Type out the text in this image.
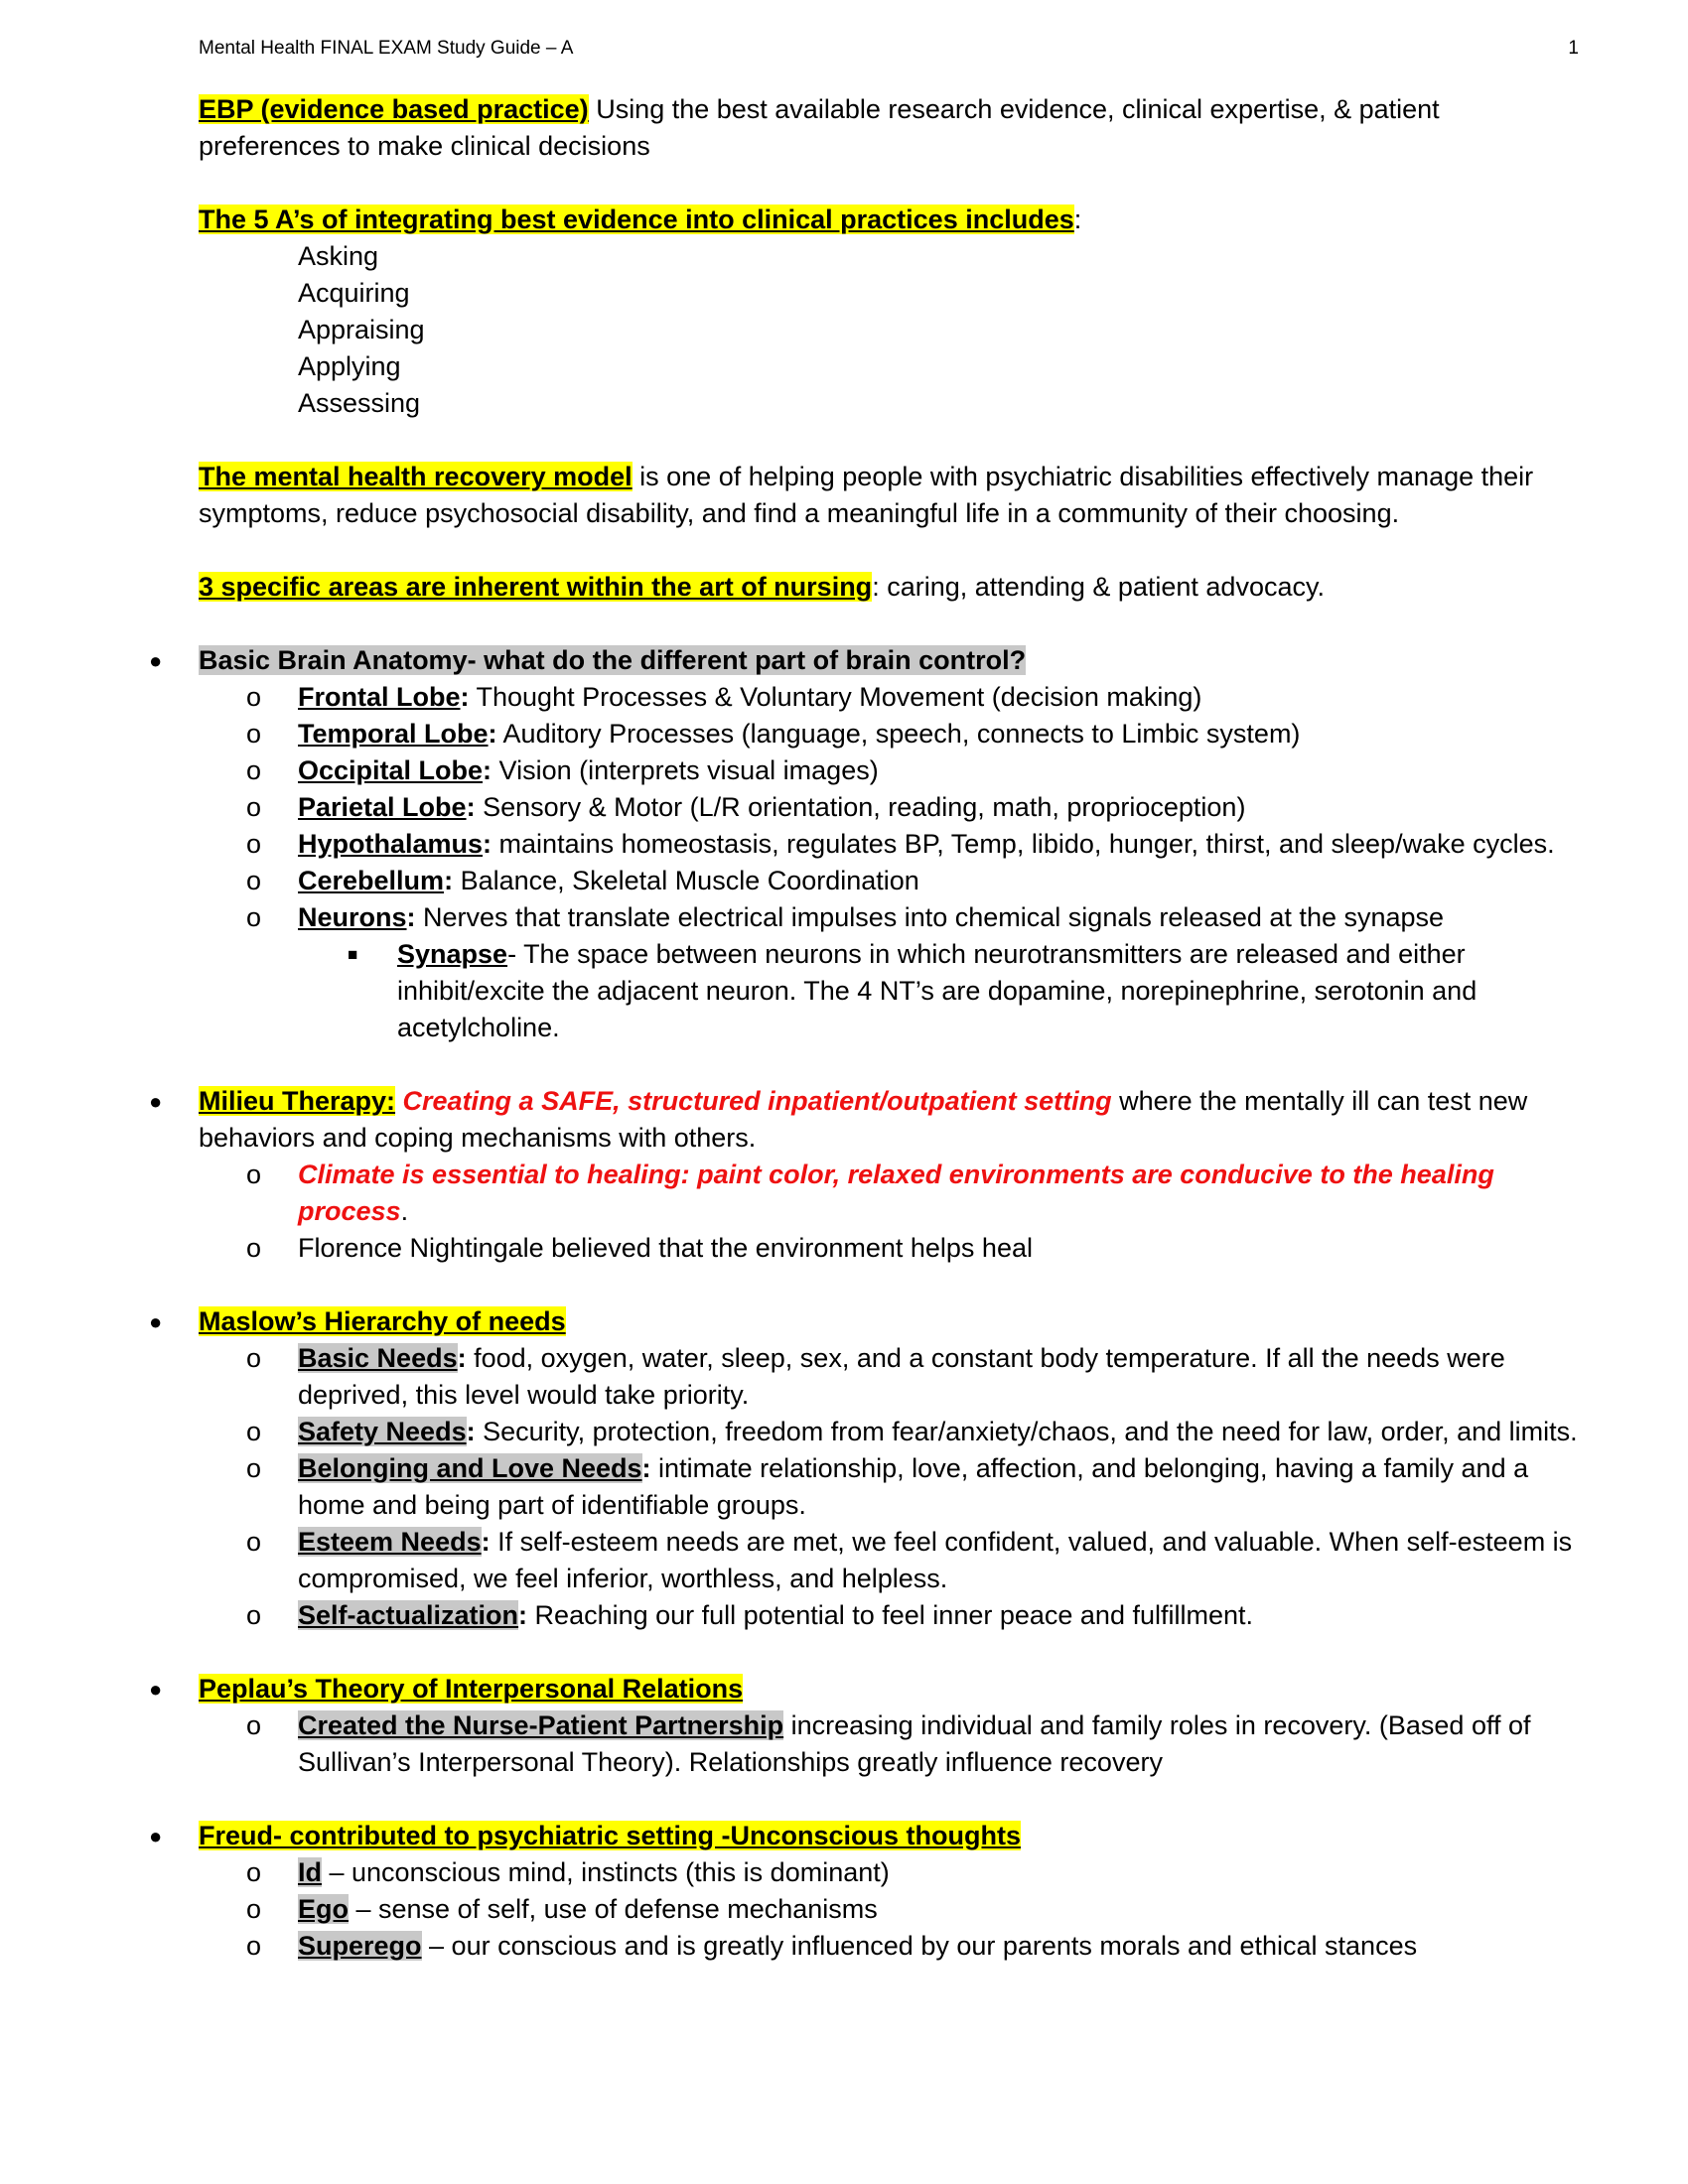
Mental Health FINAL EXAM Study Guide – A	1

EBP (evidence based practice) Using the best available research evidence, clinical expertise, & patient preferences to make clinical decisions

The 5 A’s of integrating best evidence into clinical practices includes:

Asking
Acquiring
Appraising
Applying
Assessing

The mental health recovery model is one of helping people with psychiatric disabilities effectively manage their symptoms, reduce psychosocial disability, and find a meaningful life in a community of their choosing.

3 specific areas are inherent within the art of nursing: caring, attending & patient advocacy.

● Basic Brain Anatomy- what do the different part of brain control?
o Frontal Lobe: Thought Processes & Voluntary Movement (decision making)
o Temporal Lobe: Auditory Processes (language, speech, connects to Limbic system)
o Occipital Lobe: Vision (interprets visual images)
o Parietal Lobe: Sensory & Motor (L/R orientation, reading, math, proprioception)
o Hypothalamus: maintains homeostasis, regulates BP, Temp, libido, hunger, thirst, and sleep/wake cycles.
o Cerebellum: Balance, Skeletal Muscle Coordination
o Neurons: Nerves that translate electrical impulses into chemical signals released at the synapse
■ Synapse- The space between neurons in which neurotransmitters are released and either inhibit/excite the adjacent neuron. The 4 NT’s are dopamine, norepinephrine, serotonin and acetylcholine.
● Milieu Therapy: Creating a SAFE, structured inpatient/outpatient setting where the mentally ill can test new behaviors and coping mechanisms with others.
o Climate is essential to healing: paint color, relaxed environments are conducive to the healing process.
o Florence Nightingale believed that the environment helps heal
● Maslow’s Hierarchy of needs
o Basic Needs: food, oxygen, water, sleep, sex, and a constant body temperature. If all the needs were deprived, this level would take priority.
o Safety Needs: Security, protection, freedom from fear/anxiety/chaos, and the need for law, order, and limits.
o Belonging and Love Needs: intimate relationship, love, affection, and belonging, having a family and a home and being part of identifiable groups.
o Esteem Needs: If self-esteem needs are met, we feel confident, valued, and valuable. When self-esteem is compromised, we feel inferior, worthless, and helpless.
o Self-actualization: Reaching our full potential to feel inner peace and fulfillment.
● Peplau’s Theory of Interpersonal Relations
o Created the Nurse-Patient Partnership increasing individual and family roles in recovery. (Based off of Sullivan’s Interpersonal Theory). Relationships greatly influence recovery
● Freud- contributed to psychiatric setting -Unconscious thoughts
o Id – unconscious mind, instincts (this is dominant)
o Ego – sense of self, use of defense mechanisms
o Superego – our conscious and is greatly influenced by our parents morals and ethical stances
